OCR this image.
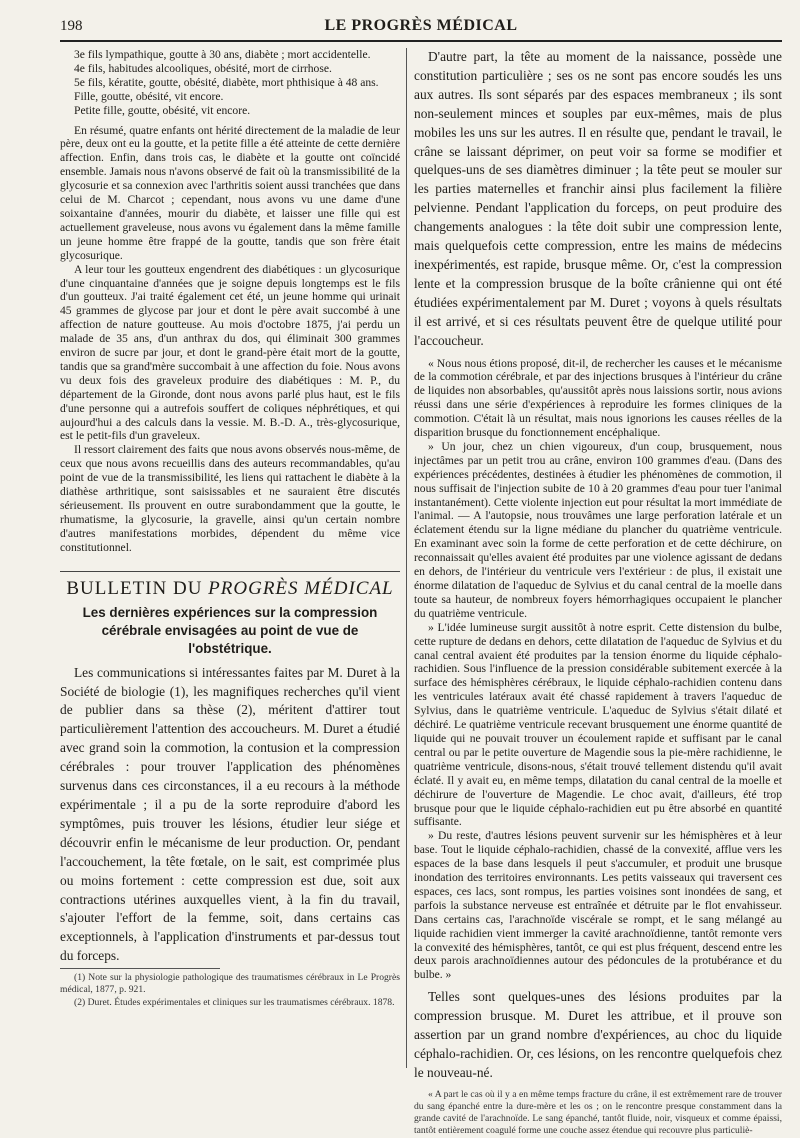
198	LE PROGRÈS MÉDICAL

3e fils lympathique, goutte à 30 ans, diabète ; mort accidentelle.

4e fils, habitudes alcooliques, obésité, mort de cirrhose.

5e fils, kératite, goutte, obésité, diabète, mort phthisique à 48 ans.

Fille, goutte, obésité, vit encore.

Petite fille, goutte, obésité, vit encore.

En résumé, quatre enfants ont hérité directement de la maladie de leur père, deux ont eu la goutte, et la petite fille a été atteinte de cette dernière affection. Enfin, dans trois cas, le diabète et la goutte ont coïncidé ensemble. Jamais nous n'avons observé de fait où la transmissibilité de la glycosurie et sa connexion avec l'arthritis soient aussi tranchées que dans celui de M. Charcot ; cependant, nous avons vu une dame d'une soixantaine d'années, mourir du diabète, et laisser une fille qui est actuellement graveleuse, nous avons vu également dans la même famille un jeune homme être frappé de la goutte, tandis que son frère était glycosurique.

A leur tour les goutteux engendrent des diabétiques : un glycosurique d'une cinquantaine d'années que je soigne depuis longtemps est le fils d'un goutteux. J'ai traité également cet été, un jeune homme qui urinait 45 grammes de glycose par jour et dont le père avait succombé à une affection de nature goutteuse. Au mois d'octobre 1875, j'ai perdu un malade de 35 ans, d'un anthrax du dos, qui éliminait 300 grammes environ de sucre par jour, et dont le grand-père était mort de la goutte, tandis que sa grand'mère succombait à une affection du foie. Nous avons vu deux fois des graveleux produire des diabétiques : M. P., du département de la Gironde, dont nous avons parlé plus haut, est le fils d'une personne qui a autrefois souffert de coliques néphrétiques, et qui aujourd'hui a des calculs dans la vessie. M. B.-D. A., très-glycosurique, est le petit-fils d'un graveleux.

Il ressort clairement des faits que nous avons observés nous-même, de ceux que nous avons recueillis dans des auteurs recommandables, qu'au point de vue de la transmissibilité, les liens qui rattachent le diabète à la diathèse arthritique, sont saisissables et ne sauraient être discutés sérieusement. Ils prouvent en outre surabondamment que la goutte, le rhumatisme, la glycosurie, la gravelle, ainsi qu'un certain nombre d'autres manifestations morbides, dépendent du même vice constitutionnel.

BULLETIN DU PROGRÈS MÉDICAL
Les dernières expériences sur la compression cérébrale envisagées au point de vue de l'obstétrique.

Les communications si intéressantes faites par M. Duret à la Société de biologie (1), les magnifiques recherches qu'il vient de publier dans sa thèse (2), méritent d'attirer tout particulièrement l'attention des accoucheurs. M. Duret a étudié avec grand soin la commotion, la contusion et la compression cérébrales : pour trouver l'application des phénomènes survenus dans ces circonstances, il a eu recours à la méthode expérimentale ; il a pu de la sorte reproduire d'abord les symptômes, puis trouver les lésions, étudier leur siége et découvrir enfin le mécanisme de leur production. Or, pendant l'accouchement, la tête fœtale, on le sait, est comprimée plus ou moins fortement : cette compression est due, soit aux contractions utérines auxquelles vient, à la fin du travail, s'ajouter l'effort de la femme, soit, dans certains cas exceptionnels, à l'application d'instruments et par-dessus tout du forceps.

(1) Note sur la physiologie pathologique des traumatismes cérébraux in Le Progrès médical, 1877, p. 921.

(2) Duret. Études expérimentales et cliniques sur les traumatismes cérébraux. 1878.

D'autre part, la tête au moment de la naissance, possède une constitution particulière ; ses os ne sont pas encore soudés les uns aux autres. Ils sont séparés par des espaces membraneux ; ils sont non-seulement minces et souples par eux-mêmes, mais de plus mobiles les uns sur les autres. Il en résulte que, pendant le travail, le crâne se laissant déprimer, on peut voir sa forme se modifier et quelques-uns de ses diamètres diminuer ; la tête peut se mouler sur les parties maternelles et franchir ainsi plus facilement la filière pelvienne. Pendant l'application du forceps, on peut produire des changements analogues : la tête doit subir une compression lente, mais quelquefois cette compression, entre les mains de médecins inexpérimentés, est rapide, brusque même. Or, c'est la compression lente et la compression brusque de la boîte crânienne qui ont été étudiées expérimentalement par M. Duret ; voyons à quels résultats il est arrivé, et si ces résultats peuvent être de quelque utilité pour l'accoucheur.

« Nous nous étions proposé, dit-il, de rechercher les causes et le mécanisme de la commotion cérébrale, et par des injections brusques à l'intérieur du crâne de liquides non absorbables, qu'aussitôt après nous laissions sortir, nous avions réussi dans une série d'expériences à reproduire les formes cliniques de la commotion. C'était là un résultat, mais nous ignorions les causes réelles de la disparition brusque du fonctionnement encéphalique.

» Un jour, chez un chien vigoureux, d'un coup, brusquement, nous injectâmes par un petit trou au crâne, environ 100 grammes d'eau. (Dans des expériences précédentes, destinées à étudier les phénomènes de commotion, il nous suffisait de l'injection subite de 10 à 20 grammes d'eau pour tuer l'animal instantanément). Cette violente injection eut pour résultat la mort immédiate de l'animal. — A l'autopsie, nous trouvâmes une large perforation latérale et un éclatement étendu sur la ligne médiane du plancher du quatrième ventricule. En examinant avec soin la forme de cette perforation et de cette déchirure, on reconnaissait qu'elles avaient été produites par une violence agissant de dedans en dehors, de l'intérieur du ventricule vers l'extérieur : de plus, il existait une énorme dilatation de l'aqueduc de Sylvius et du canal central de la moelle dans toute sa hauteur, de nombreux foyers hémorrhagiques occupaient le plancher du quatrième ventricule.

» L'idée lumineuse surgit aussitôt à notre esprit. Cette distension du bulbe, cette rupture de dedans en dehors, cette dilatation de l'aqueduc de Sylvius et du canal central avaient été produites par la tension énorme du liquide céphalo-rachidien. Sous l'influence de la pression considérable subitement exercée à la surface des hémisphères cérébraux, le liquide céphalo-rachidien contenu dans les ventricules latéraux avait été chassé rapidement à travers l'aqueduc de Sylvius, dans le quatrième ventricule. L'aqueduc de Sylvius s'était dilaté et déchiré. Le quatrième ventricule recevant brusquement une énorme quantité de liquide qui ne pouvait trouver un écoulement rapide et suffisant par le canal central ou par le petite ouverture de Magendie sous la pie-mère rachidienne, le quatrième ventricule, disons-nous, s'était trouvé tellement distendu qu'il avait éclaté. Il y avait eu, en même temps, dilatation du canal central de la moelle et déchirure de l'ouverture de Magendie. Le choc avait, d'ailleurs, été trop brusque pour que le liquide céphalo-rachidien eut pu être absorbé en quantité suffisante.

» Du reste, d'autres lésions peuvent survenir sur les hémisphères et à leur base. Tout le liquide céphalo-rachidien, chassé de la convexité, afflue vers les espaces de la base dans lesquels il peut s'accumuler, et produit une brusque inondation des territoires environnants. Les petits vaisseaux qui traversent ces espaces, ces lacs, sont rompus, les parties voisines sont inondées de sang, et parfois la substance nerveuse est entraînée et détruite par le flot envahisseur. Dans certains cas, l'arachnoïde viscérale se rompt, et le sang mélangé au liquide rachidien vient immerger la cavité arachnoïdienne, tantôt remonte vers la convexité des hémisphères, tantôt, ce qui est plus fréquent, descend entre les deux parois arachnoïdiennes autour des pédoncules de la protubérance et du bulbe. »

Telles sont quelques-unes des lésions produites par la compression brusque. M. Duret les attribue, et il prouve son assertion par un grand nombre d'expériences, au choc du liquide céphalo-rachidien. Or, ces lésions, on les rencontre quelquefois chez le nouveau-né.

« A part le cas où il y a en même temps fracture du crâne, il est extrêmement rare de trouver du sang épanché entre la dure-mère et les os ; on le rencontre presque constamment dans la grande cavité de l'arachnoïde. Le sang épanché, tantôt fluide, noir, visqueux et comme épaissi, tantôt entièrement coagulé forme une couche assez étendue qui recouvre plus particuliè-
